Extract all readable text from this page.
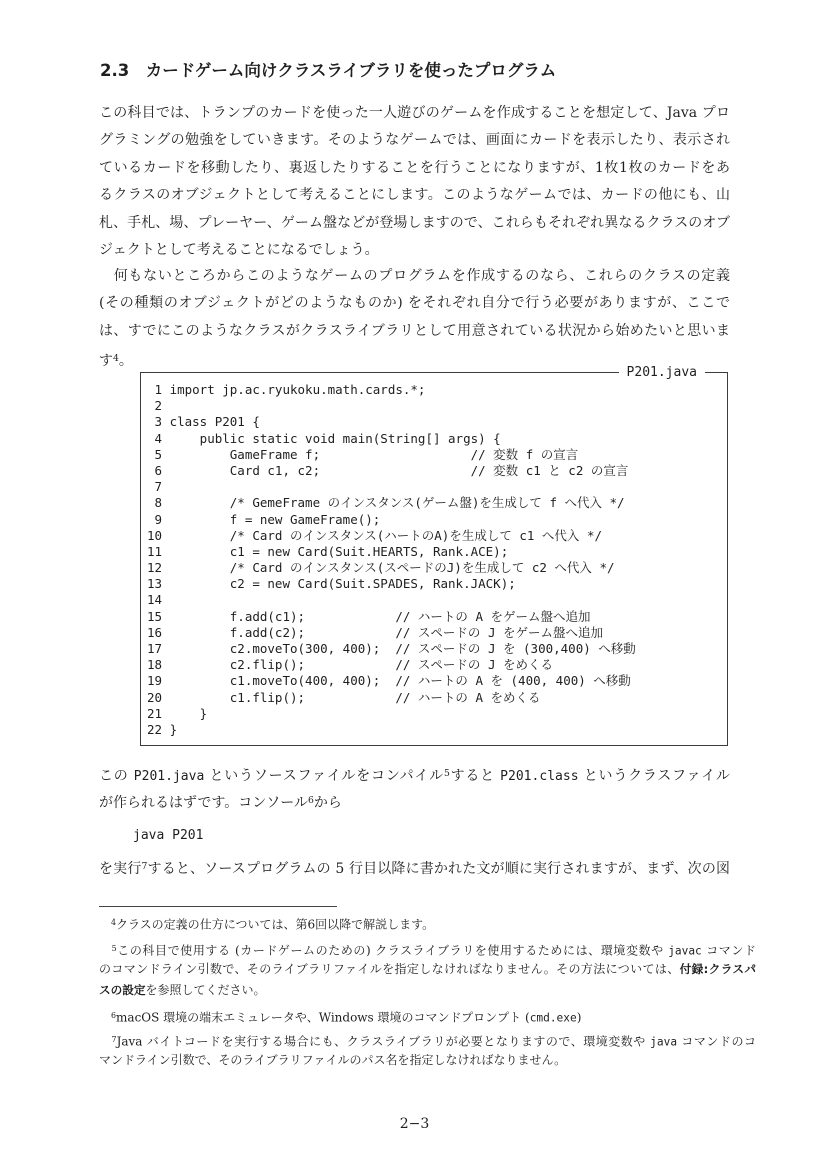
2.3　カードゲーム向けクラスライブラリを使ったプログラム
この科目では、トランプのカードを使った一人遊びのゲームを作成することを想定して、Java プロ
グラミングの勉強をしていきます。そのようなゲームでは、画面にカードを表示したり、表示され
ているカードを移動したり、裏返したりすることを行うことになりますが、1枚1枚のカードをあ
るクラスのオブジェクトとして考えることにします。このようなゲームでは、カードの他にも、山
札、手札、場、プレーヤー、ゲーム盤などが登場しますので、これらもそれぞれ異なるクラスのオブ
ジェクトとして考えることになるでしょう。
　何もないところからこのようなゲームのプログラムを作成するのなら、これらのクラスの定義
(その種類のオブジェクトがどのようなものか) をそれぞれ自分で行う必要がありますが、ここで
は、すでにこのようなクラスがクラスライブラリとして用意されている状況から始めたいと思いま
す$^4$。
P201.java
1 import jp.ac.ryukoku.math.cards.*;
2
3 class P201 {
4     public static void main(String[] args) {
5         GameFrame f;                    // 変数 f の宣言
6         Card c1, c2;                    // 変数 c1 と c2 の宣言
7
8         /* GemeFrame のインスタンス(ゲーム盤)を生成して f へ代入 */
9         f = new GameFrame();
10         /* Card のインスタンス(ハートのA)を生成して c1 へ代入 */
11         c1 = new Card(Suit.HEARTS, Rank.ACE);
12         /* Card のインスタンス(スペードのJ)を生成して c2 へ代入 */
13         c2 = new Card(Suit.SPADES, Rank.JACK);
14
15         f.add(c1);            // ハートの A をゲーム盤へ追加
16         f.add(c2);            // スペードの J をゲーム盤へ追加
17         c2.moveTo(300, 400);  // スペードの J を (300,400) へ移動
18         c2.flip();            // スペードの J をめくる
19         c1.moveTo(400, 400);  // ハートの A を (400, 400) へ移動
20         c1.flip();            // ハートの A をめくる
21     }
22 }
この P201.java というソースファイルをコンパイル$^5$すると P201.class というクラスファイル
が作られるはずです。コンソール$^6$から
java P201
を実行$^7$すると、ソースプログラムの 5 行目以降に書かれた文が順に実行されますが、まず、次の図
　$^4$クラスの定義の仕方については、第6回以降で解説します。
　$^5$この科目で使用する (カードゲームのための) クラスライブラリを使用するためには、環境変数や javac コマンド
のコマンドライン引数で、そのライブラリファイルを指定しなければなりません。その方法については、付録:クラスパ
スの設定を参照してください。
　$^6$macOS 環境の端末エミュレータや、Windows 環境のコマンドプロンプト (cmd.exe)
　$^7$Java バイトコードを実行する場合にも、クラスライブラリが必要となりますので、環境変数や java コマンドのコ
マンドライン引数で、そのライブラリファイルのパス名を指定しなければなりません。
2−3
